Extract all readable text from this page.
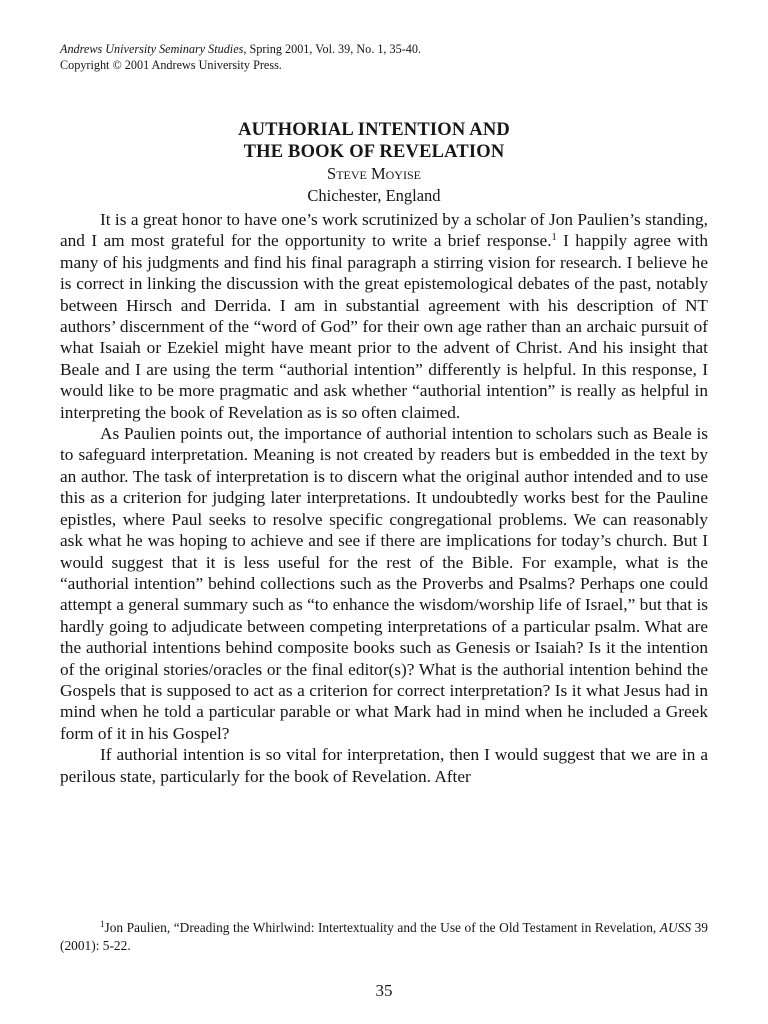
Andrews University Seminary Studies, Spring 2001, Vol. 39, No. 1, 35-40.
Copyright © 2001 Andrews University Press.
AUTHORIAL INTENTION AND
THE BOOK OF REVELATION
Steve Moyise
Chichester, England

It is a great honor to have one’s work scrutinized by a scholar of Jon Paulien’s standing, and I am most grateful for the opportunity to write a brief response.$^1$ I happily agree with many of his judgments and find his final paragraph a stirring vision for research. I believe he is correct in linking the discussion with the great epistemological debates of the past, notably between Hirsch and Derrida. I am in substantial agreement with his description of NT authors’ discernment of the “word of God” for their own age rather than an archaic pursuit of what Isaiah or Ezekiel might have meant prior to the advent of Christ. And his insight that Beale and I are using the term “authorial intention” differently is helpful. In this response, I would like to be more pragmatic and ask whether “authorial intention” is really as helpful in interpreting the book of Revelation as is so often claimed.

As Paulien points out, the importance of authorial intention to scholars such as Beale is to safeguard interpretation. Meaning is not created by readers but is embedded in the text by an author. The task of interpretation is to discern what the original author intended and to use this as a criterion for judging later interpretations. It undoubtedly works best for the Pauline epistles, where Paul seeks to resolve specific congregational problems. We can reasonably ask what he was hoping to achieve and see if there are implications for today’s church. But I would suggest that it is less useful for the rest of the Bible. For example, what is the “authorial intention” behind collections such as the Proverbs and Psalms? Perhaps one could attempt a general summary such as “to enhance the wisdom/worship life of Israel,” but that is hardly going to adjudicate between competing interpretations of a particular psalm. What are the authorial intentions behind composite books such as Genesis or Isaiah? Is it the intention of the original stories/oracles or the final editor(s)? What is the authorial intention behind the Gospels that is supposed to act as a criterion for correct interpretation? Is it what Jesus had in mind when he told a particular parable or what Mark had in mind when he included a Greek form of it in his Gospel?

If authorial intention is so vital for interpretation, then I would suggest that we are in a perilous state, particularly for the book of Revelation. After

$^1$Jon Paulien, “Dreading the Whirlwind: Intertextuality and the Use of the Old Testament in Revelation, AUSS 39 (2001): 5-22.
35
